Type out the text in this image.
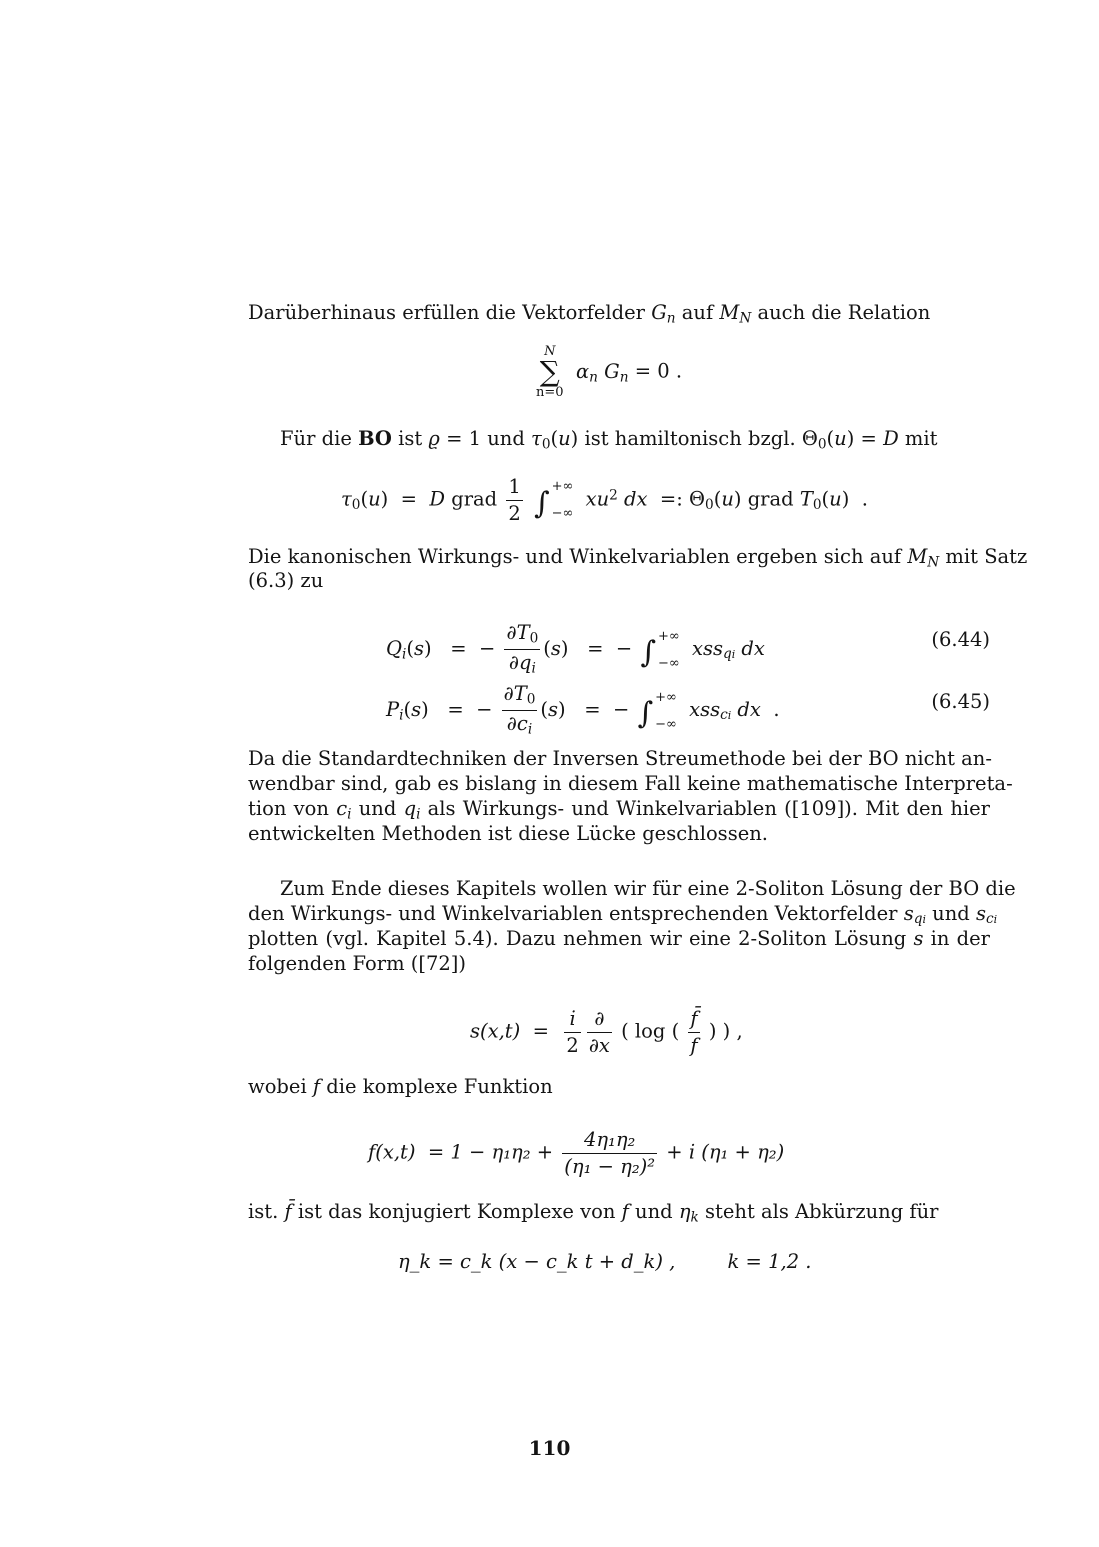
Darüberhinaus erfüllen die Vektorfelder $G_n$ auf $M_N$ auch die Relation
N
∑
n=0
$\alpha_n$ $G_n = 0$ .
Für die BO ist ϱ = 1 und $\tau_0(u)$ ist hamiltonisch bzgl. $\Theta_0(u) = D$ mit
$\tau_0(u) = D$ grad $\frac{1}{2}$ ∫ +∞
−∞
$xu^2$ dx =: $\Theta_0(u)$ grad $T_0(u)$  .
Die kanonischen Wirkungs- und Winkelvariablen ergeben sich auf $M_N$ mit Satz
(6.3) zu
$Q_i(s)$   =  − $\frac{\partial T_0}{\partial q_i} (s)$   =  − ∫ +∞
−∞
xss$_{qi}$ dx	(6.44)
$P_i(s)$   =  − $\frac{\partial T_0}{\partial c_i} (s)$   =  − ∫ +∞
−∞
xss$_{ci}$ dx  .	(6.45)
Da die Standardtechniken der Inversen Streumethode bei der BO nicht an-
wendbar sind, gab es bislang in diesem Fall keine mathematische Interpreta-
tion von $c_i$ und $q_i$ als Wirkungs- und Winkelvariablen ([109]). Mit den hier
entwickelten Methoden ist diese Lücke geschlossen.
Zum Ende dieses Kapitels wollen wir für eine 2-Soliton Lösung der BO die
den Wirkungs- und Winkelvariablen entsprechenden Vektorfelder $s_{qi}$ und $s_{ci}$
plotten (vgl. Kapitel 5.4). Dazu nehmen wir eine 2-Soliton Lösung s in der
folgenden Form ([72])
$s(x,t) = \frac{i}{2} \frac{\partial}{\partial x}$ ( log ( $\frac{f̄}{f}$ ) ) ,
wobei f die komplexe Funktion
$f(x,t) = 1 - \eta_1\eta_2 + \frac{\text{4η₁η₂}}{\text{(η₁ − η₂)²}} + i$ (η₁ + η₂)
ist. f̄ ist das konjugiert Komplexe von f und $\eta_k$ steht als Abkürzung für
η_k = c_k (x − c_k t + d_k) ,	k = 1,2 .
110
